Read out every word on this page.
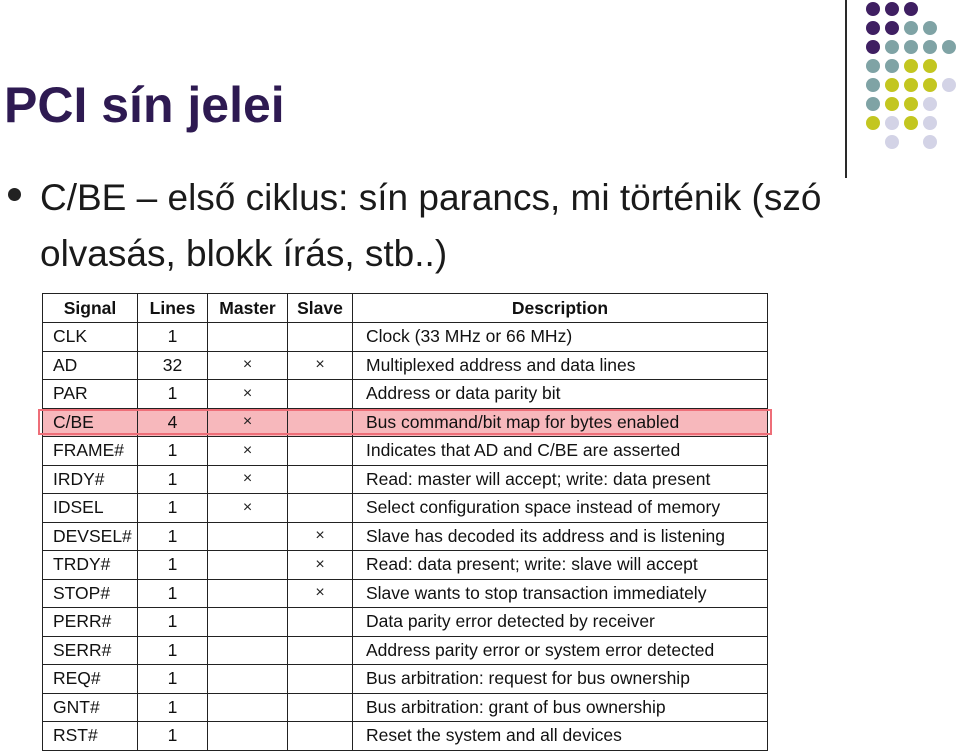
PCI sín jelei
C/BE – első ciklus: sín parancs, mi történik (szó olvasás, blokk írás, stb..)
Signal	Lines	Master	Slave	Description
CLK	1			Clock (33 MHz or 66 MHz)
AD	32	×	×	Multiplexed address and data lines
PAR	1	×		Address or data parity bit
C/BE	4	×		Bus command/bit map for bytes enabled
FRAME#	1	×		Indicates that AD and C/BE are asserted
IRDY#	1	×		Read: master will accept; write: data present
IDSEL	1	×		Select configuration space instead of memory
DEVSEL#	1		×	Slave has decoded its address and is listening
TRDY#	1		×	Read: data present; write: slave will accept
STOP#	1		×	Slave wants to stop transaction immediately
PERR#	1			Data parity error detected by receiver
SERR#	1			Address parity error or system error detected
REQ#	1			Bus arbitration: request for bus ownership
GNT#	1			Bus arbitration: grant of bus ownership
RST#	1			Reset the system and all devices
